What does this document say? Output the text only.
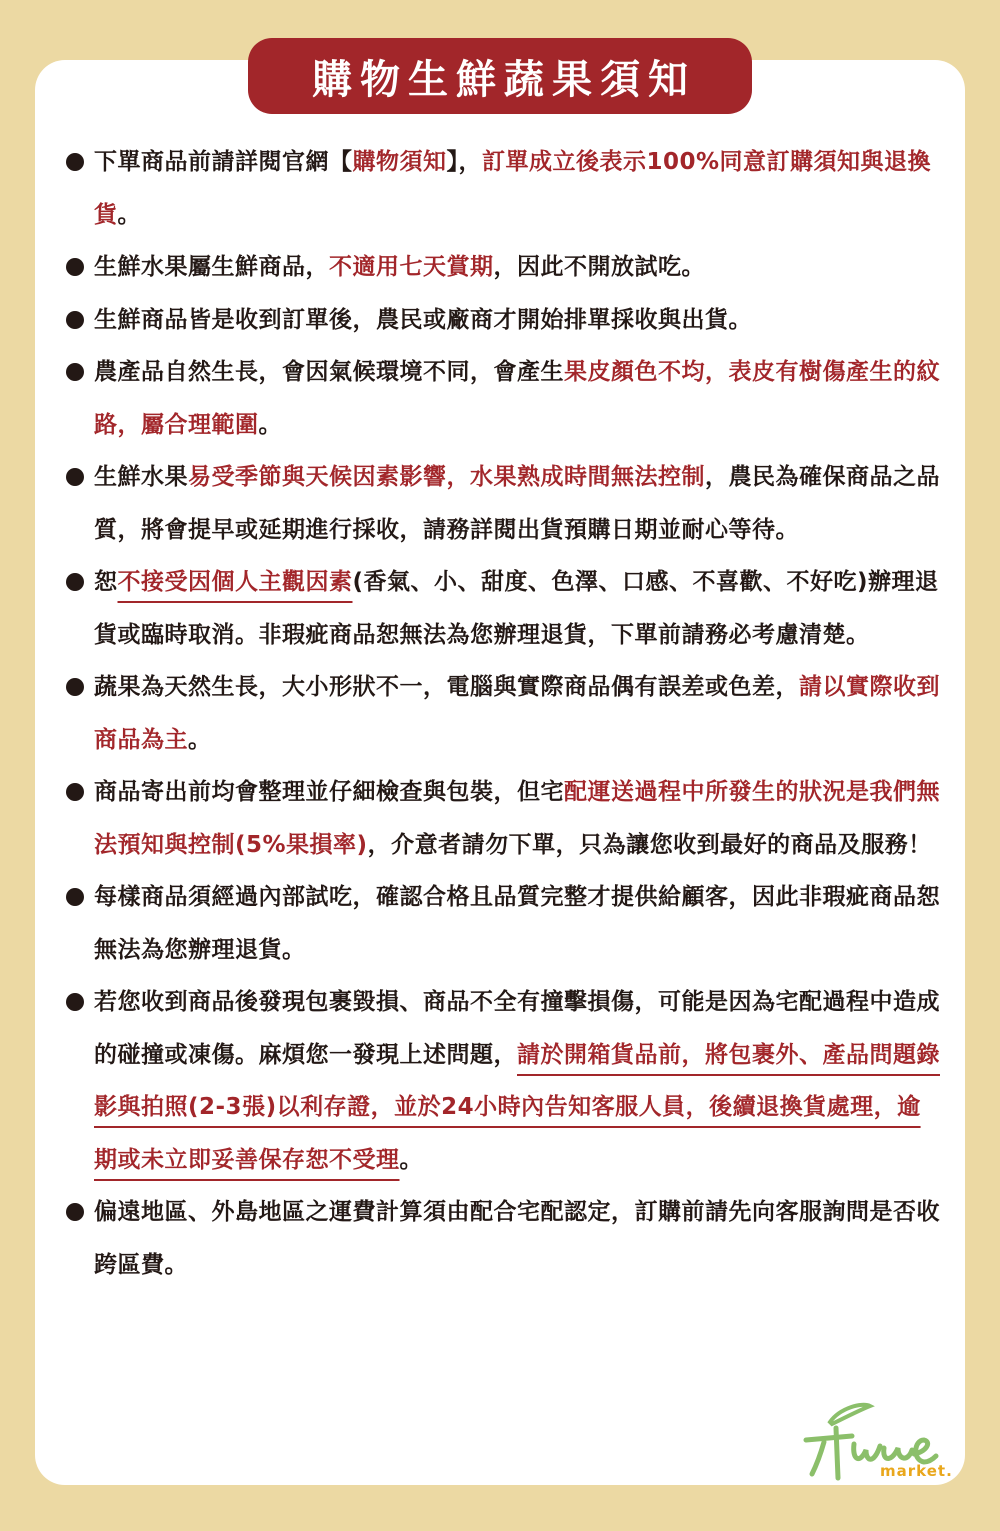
購物生鮮蔬果須知
下單商品前請詳閱官網【購物須知】，訂單成立後表示100%同意訂購須知與退換貨。
生鮮水果屬生鮮商品，不適用七天賞期，因此不開放試吃。
生鮮商品皆是收到訂單後，農民或廠商才開始排單採收與出貨。
農產品自然生長，會因氣候環境不同，會產生果皮顏色不均，表皮有樹傷產生的紋路，屬合理範圍。
生鮮水果易受季節與天候因素影響，水果熟成時間無法控制，農民為確保商品之品質，將會提早或延期進行採收，請務詳閱出貨預購日期並耐心等待。
恕不接受因個人主觀因素(香氣、小、甜度、色澤、口感、不喜歡、不好吃)辦理退貨或臨時取消。非瑕疵商品恕無法為您辦理退貨，下單前請務必考慮清楚。
蔬果為天然生長，大小形狀不一，電腦與實際商品偶有誤差或色差，請以實際收到商品為主。
商品寄出前均會整理並仔細檢查與包裝，但宅配運送過程中所發生的狀況是我們無法預知與控制(5%果損率)，介意者請勿下單，只為讓您收到最好的商品及服務！
每樣商品須經過內部試吃，確認合格且品質完整才提供給顧客，因此非瑕疵商品恕無法為您辦理退貨。
若您收到商品後發現包裹毀損、商品不全有撞擊損傷，可能是因為宅配過程中造成的碰撞或凍傷。麻煩您一發現上述問題，請於開箱貨品前，將包裹外、產品問題錄影與拍照(2-3張)以利存證，並於24小時內告知客服人員，後續退換貨處理，逾期或未立即妥善保存恕不受理。
偏遠地區、外島地區之運費計算須由配合宅配認定，訂購前請先向客服詢問是否收跨區費。
market.
